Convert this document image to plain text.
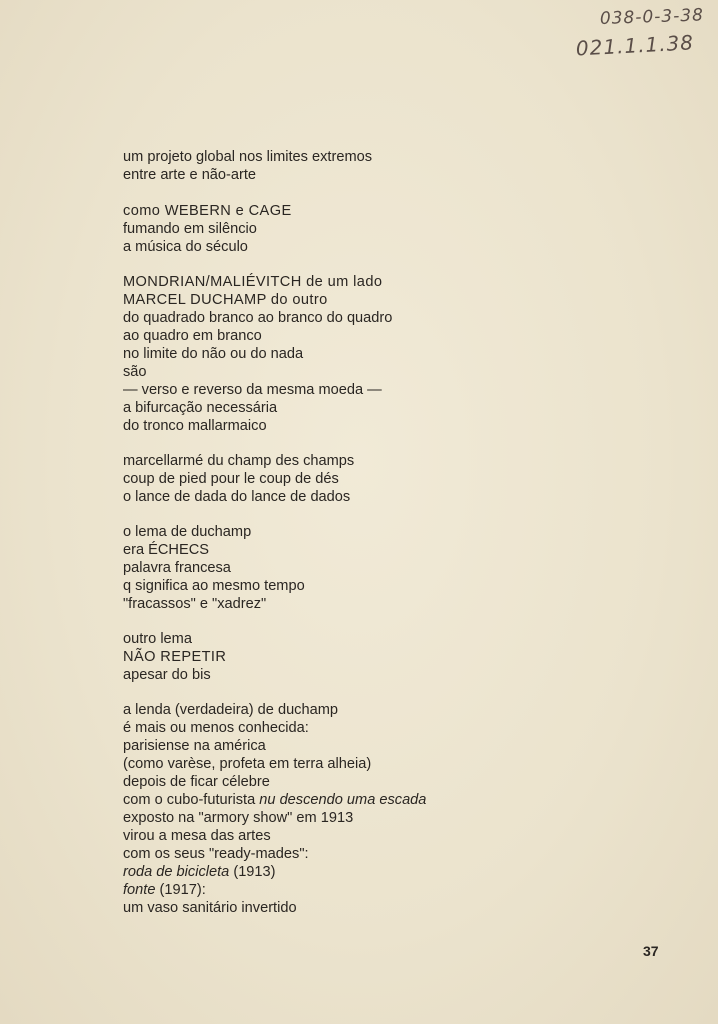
038-0-3-38
021.1.1.38
um projeto global nos limites extremos
entre arte e não-arte
como WEBERN e CAGE
fumando em silêncio
a música do século
MONDRIAN/MALIÉVITCH de um lado
MARCEL DUCHAMP do outro
do quadrado branco ao branco do quadro
ao quadro em branco
no limite do não ou do nada
são
— verso e reverso da mesma moeda —
a bifurcação necessária
do tronco mallarmaico
marcellarmé du champ des champs
coup de pied pour le coup de dés
o lance de dada do lance de dados
o lema de duchamp
era ÉCHECS
palavra francesa
q significa ao mesmo tempo
"fracassos" e "xadrez"
outro lema
NÃO REPETIR
apesar do bis
a lenda (verdadeira) de duchamp
é mais ou menos conhecida:
parisiense na américa
(como varèse, profeta em terra alheia)
depois de ficar célebre
com o cubo-futurista nu descendo uma escada
exposto na "armory show" em 1913
virou a mesa das artes
com os seus "ready-mades":
roda de bicicleta (1913)
fonte (1917):
um vaso sanitário invertido
37
